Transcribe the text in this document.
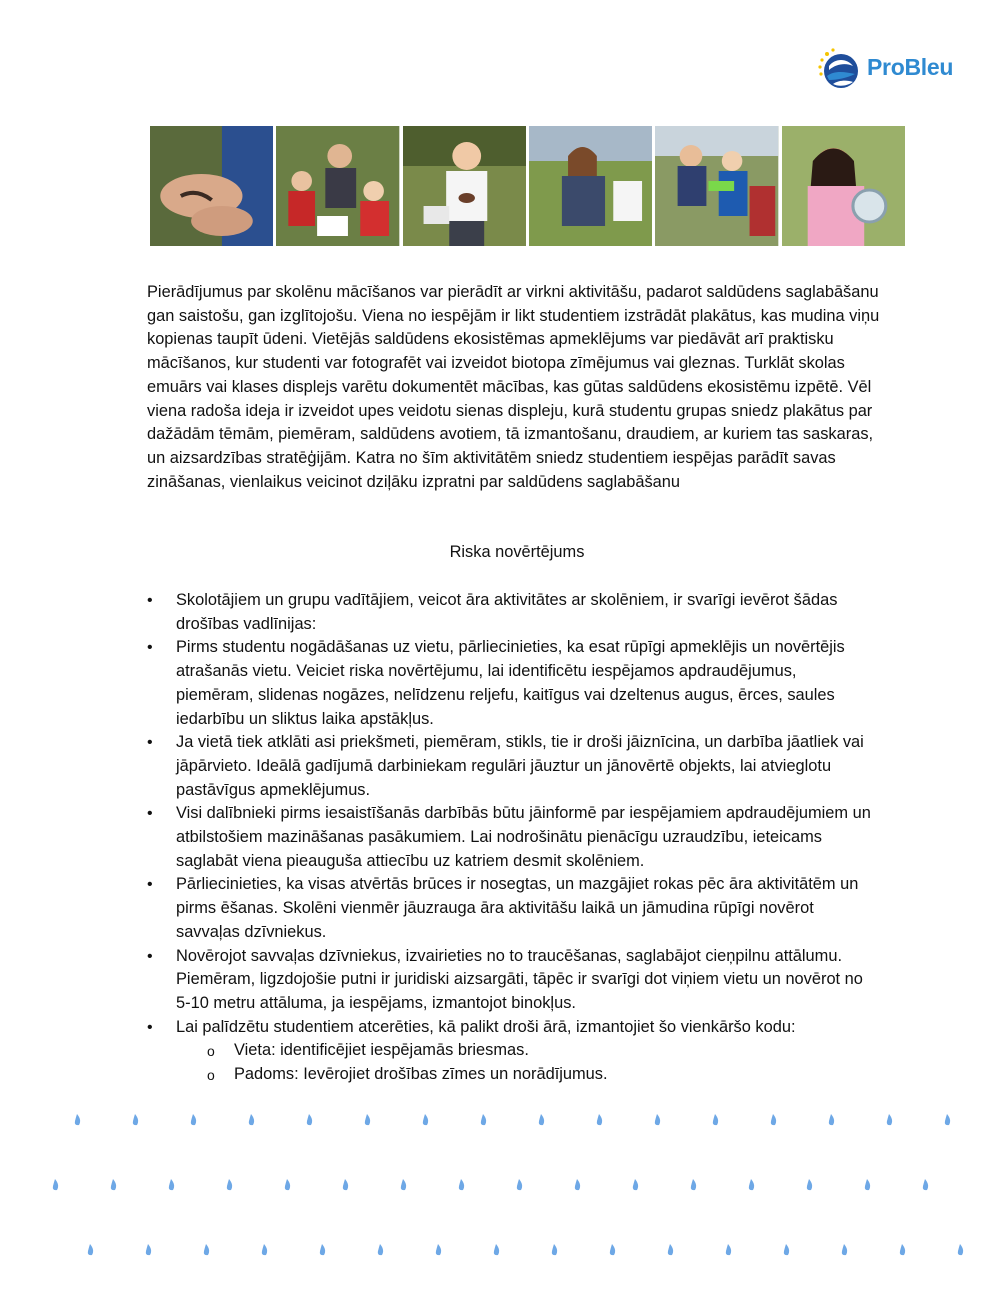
ProBleu

Pierādījumus par skolēnu mācīšanos var pierādīt ar virkni aktivitāšu, padarot saldūdens saglabāšanu gan saistošu, gan izglītojošu. Viena no iespējām ir likt studentiem izstrādāt plakātus, kas mudina viņu kopienas taupīt ūdeni. Vietējās saldūdens ekosistēmas apmeklējums var piedāvāt arī praktisku mācīšanos, kur studenti var fotografēt vai izveidot biotopa zīmējumus vai gleznas. Turklāt skolas emuārs vai klases displejs varētu dokumentēt mācības, kas gūtas saldūdens ekosistēmu izpētē. Vēl viena radoša ideja ir izveidot upes veidotu sienas displeju, kurā studentu grupas sniedz plakātus par dažādām tēmām, piemēram, saldūdens avotiem, tā izmantošanu, draudiem, ar kuriem tas saskaras, un aizsardzības stratēģijām. Katra no šīm aktivitātēm sniedz studentiem iespējas parādīt savas zināšanas, vienlaikus veicinot dziļāku izpratni par saldūdens saglabāšanu

Riska novērtējums

• Skolotājiem un grupu vadītājiem, veicot āra aktivitātes ar skolēniem, ir svarīgi ievērot šādas drošības vadlīnijas:
• Pirms studentu nogādāšanas uz vietu, pārliecinieties, ka esat rūpīgi apmeklējis un novērtējis atrašanās vietu. Veiciet riska novērtējumu, lai identificētu iespējamos apdraudējumus, piemēram, slidenas nogāzes, nelīdzenu reljefu, kaitīgus vai dzeltenus augus, ērces, saules iedarbību un sliktus laika apstākļus.
• Ja vietā tiek atklāti asi priekšmeti, piemēram, stikls, tie ir droši jāiznīcina, un darbība jāatliek vai jāpārvieto. Ideālā gadījumā darbiniekam regulāri jāuztur un jānovērtē objekts, lai atvieglotu pastāvīgus apmeklējumus.
• Visi dalībnieki pirms iesaistīšanās darbībās būtu jāinformē par iespējamiem apdraudējumiem un atbilstošiem mazināšanas pasākumiem. Lai nodrošinātu pienācīgu uzraudzību, ieteicams saglabāt viena pieauguša attiecību uz katriem desmit skolēniem.
• Pārliecinieties, ka visas atvērtās brūces ir nosegtas, un mazgājiet rokas pēc āra aktivitātēm un pirms ēšanas. Skolēni vienmēr jāuzrauga āra aktivitāšu laikā un jāmudina rūpīgi novērot savvaļas dzīvniekus.
• Novērojot savvaļas dzīvniekus, izvairieties no to traucēšanas, saglabājot cieņpilnu attālumu. Piemēram, ligzdojošie putni ir juridiski aizsargāti, tāpēc ir svarīgi dot viņiem vietu un novērot no 5-10 metru attāluma, ja iespējams, izmantojot binokļus.
• Lai palīdzētu studentiem atcerēties, kā palikt droši ārā, izmantojiet šo vienkāršo kodu:
o Vieta: identificējiet iespējamās briesmas.
o Padoms: Ievērojiet drošības zīmes un norādījumus.
